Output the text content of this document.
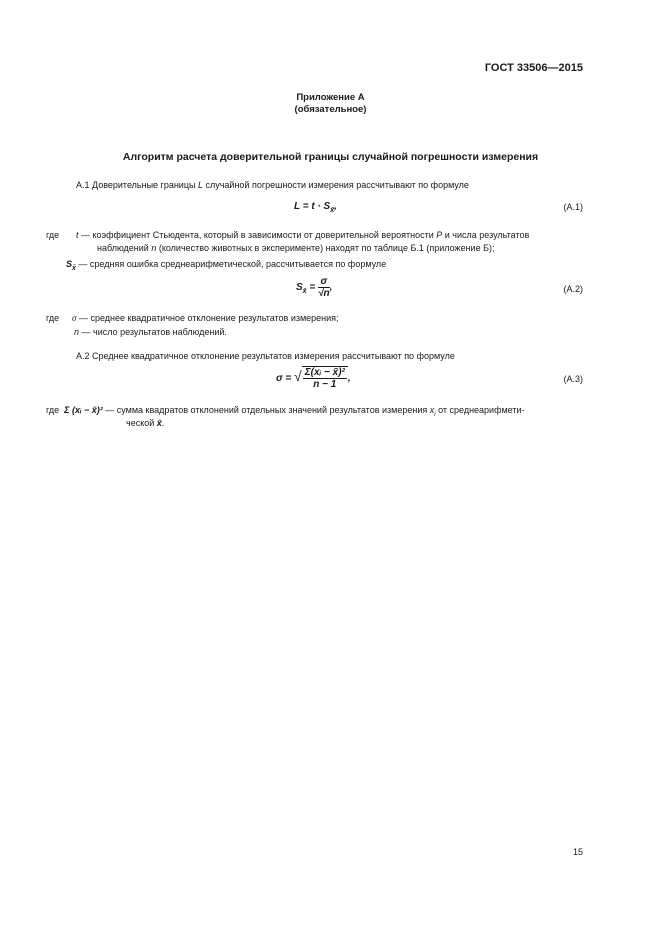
ГОСТ 33506—2015
Приложение А
(обязательное)
Алгоритм расчета доверительной границы случайной погрешности измерения
А.1 Доверительные границы L случайной погрешности измерения рассчитывают по формуле
$L = t \cdot S_{x̄}$,	(А.1)
где t — коэффициент Стьюдента, который в зависимости от доверительной вероятности P и числа результатов
наблюдений n (количество животных в эксперименте) находят по таблице Б.1 (приложение Б);
$S_{x̄}$ — средняя ошибка среднеарифметической, рассчитывается по формуле
$S_{x̄} = \frac{\sigma}{√n}$ ,	(А.2)
где σ — среднее квадратичное отклонение результатов измерения;
n — число результатов наблюдений.
А.2 Среднее квадратичное отклонение результатов измерения рассчитывают по формуле
σ = √ $\frac{\text{Σ(xᵢ − x̄)²}}{n - 1}$ ,	(А.3)
где Σ (xᵢ − x̄)² — сумма квадратов отклонений отдельных значений результатов измерения $x_i$ от среднеарифмети-
ческой x̄.
15
